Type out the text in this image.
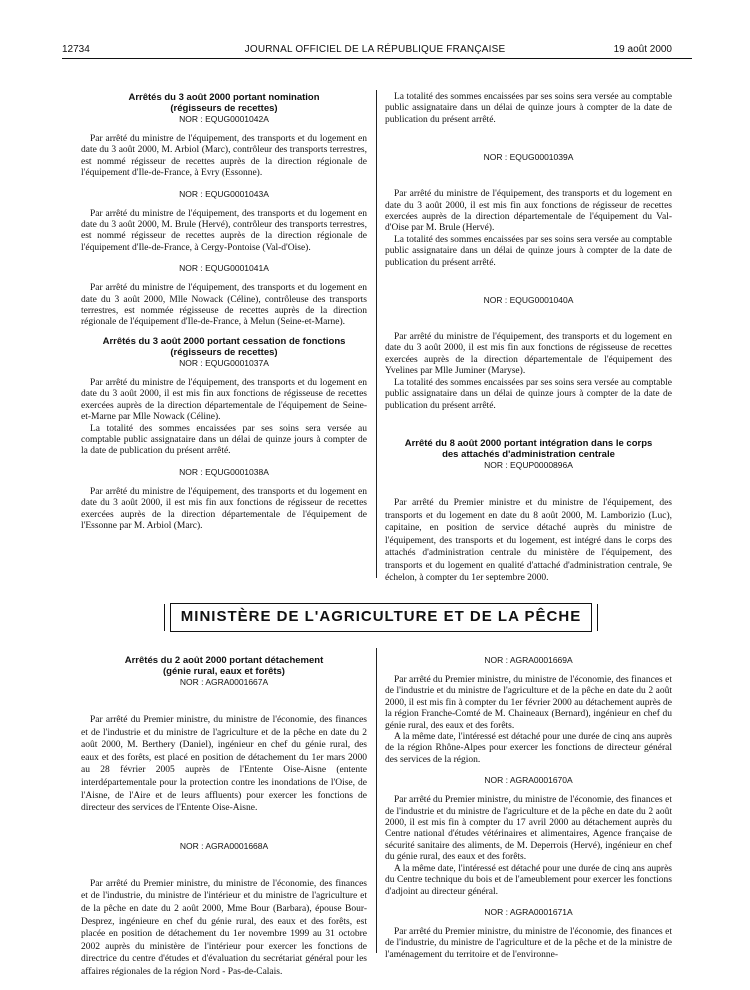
12734	JOURNAL OFFICIEL DE LA RÉPUBLIQUE FRANÇAISE	19 août 2000
Arrêtés du 3 août 2000 portant nomination
(régisseurs de recettes)
NOR : EQUG0001042A

Par arrêté du ministre de l'équipement, des transports et du logement en date du 3 août 2000, M. Arbiol (Marc), contrôleur des transports terrestres, est nommé régisseur de recettes auprès de la direction régionale de l'équipement d'Ile-de-France, à Evry (Essonne).

NOR : EQUG0001043A

Par arrêté du ministre de l'équipement, des transports et du logement en date du 3 août 2000, M. Brule (Hervé), contrôleur des transports terrestres, est nommé régisseur de recettes auprès de la direction régionale de l'équipement d'Ile-de-France, à Cergy-Pontoise (Val-d'Oise).

NOR : EQUG0001041A

Par arrêté du ministre de l'équipement, des transports et du logement en date du 3 août 2000, Mlle Nowack (Céline), contrôleuse des transports terrestres, est nommée régisseuse de recettes auprès de la direction régionale de l'équipement d'Ile-de-France, à Melun (Seine-et-Marne).

Arrêtés du 3 août 2000 portant cessation de fonctions
(régisseurs de recettes)
NOR : EQUG0001037A

Par arrêté du ministre de l'équipement, des transports et du logement en date du 3 août 2000, il est mis fin aux fonctions de régisseuse de recettes exercées auprès de la direction départementale de l'équipement de Seine-et-Marne par Mlle Nowack (Céline).

La totalité des sommes encaissées par ses soins sera versée au comptable public assignataire dans un délai de quinze jours à compter de la date de publication du présent arrêté.

NOR : EQUG0001038A

Par arrêté du ministre de l'équipement, des transports et du logement en date du 3 août 2000, il est mis fin aux fonctions de régisseur de recettes exercées auprès de la direction départementale de l'équipement de l'Essonne par M. Arbiol (Marc).

La totalité des sommes encaissées par ses soins sera versée au comptable public assignataire dans un délai de quinze jours à compter de la date de publication du présent arrêté.

NOR : EQUG0001039A

Par arrêté du ministre de l'équipement, des transports et du logement en date du 3 août 2000, il est mis fin aux fonctions de régisseur de recettes exercées auprès de la direction départementale de l'équipement du Val-d'Oise par M. Brule (Hervé).

La totalité des sommes encaissées par ses soins sera versée au comptable public assignataire dans un délai de quinze jours à compter de la date de publication du présent arrêté.

NOR : EQUG0001040A

Par arrêté du ministre de l'équipement, des transports et du logement en date du 3 août 2000, il est mis fin aux fonctions de régisseuse de recettes exercées auprès de la direction départementale de l'équipement des Yvelines par Mlle Juminer (Maryse).

La totalité des sommes encaissées par ses soins sera versée au comptable public assignataire dans un délai de quinze jours à compter de la date de publication du présent arrêté.

Arrêté du 8 août 2000 portant intégration dans le corps
des attachés d'administration centrale
NOR : EQUP0000896A

Par arrêté du Premier ministre et du ministre de l'équipement, des transports et du logement en date du 8 août 2000, M. Lamborizio (Luc), capitaine, en position de service détaché auprès du ministre de l'équipement, des transports et du logement, est intégré dans le corps des attachés d'administration centrale du ministère de l'équipement, des transports et du logement en qualité d'attaché d'administration centrale, 9e échelon, à compter du 1er septembre 2000.

MINISTÈRE DE L'AGRICULTURE ET DE LA PÊCHE
Arrêtés du 2 août 2000 portant détachement
(génie rural, eaux et forêts)
NOR : AGRA0001667A

Par arrêté du Premier ministre, du ministre de l'économie, des finances et de l'industrie et du ministre de l'agriculture et de la pêche en date du 2 août 2000, M. Berthery (Daniel), ingénieur en chef du génie rural, des eaux et des forêts, est placé en position de détachement du 1er mars 2000 au 28 février 2005 auprès de l'Entente Oise-Aisne (entente interdépartementale pour la protection contre les inondations de l'Oise, de l'Aisne, de l'Aire et de leurs affluents) pour exercer les fonctions de directeur des services de l'Entente Oise-Aisne.

NOR : AGRA0001668A

Par arrêté du Premier ministre, du ministre de l'économie, des finances et de l'industrie, du ministre de l'intérieur et du ministre de l'agriculture et de la pêche en date du 2 août 2000, Mme Bour (Barbara), épouse Bour-Desprez, ingénieure en chef du génie rural, des eaux et des forêts, est placée en position de détachement du 1er novembre 1999 au 31 octobre 2002 auprès du ministère de l'intérieur pour exercer les fonctions de directrice du centre d'études et d'évaluation du secrétariat général pour les affaires régionales de la région Nord - Pas-de-Calais.

NOR : AGRA0001669A

Par arrêté du Premier ministre, du ministre de l'économie, des finances et de l'industrie et du ministre de l'agriculture et de la pêche en date du 2 août 2000, il est mis fin à compter du 1er février 2000 au détachement auprès de la région Franche-Comté de M. Chaineaux (Bernard), ingénieur en chef du génie rural, des eaux et des forêts.

A la même date, l'intéressé est détaché pour une durée de cinq ans auprès de la région Rhône-Alpes pour exercer les fonctions de directeur général des services de la région.

NOR : AGRA0001670A

Par arrêté du Premier ministre, du ministre de l'économie, des finances et de l'industrie et du ministre de l'agriculture et de la pêche en date du 2 août 2000, il est mis fin à compter du 17 avril 2000 au détachement auprès du Centre national d'études vétérinaires et alimentaires, Agence française de sécurité sanitaire des aliments, de M. Deperrois (Hervé), ingénieur en chef du génie rural, des eaux et des forêts.

A la même date, l'intéressé est détaché pour une durée de cinq ans auprès du Centre technique du bois et de l'ameublement pour exercer les fonctions d'adjoint au directeur général.

NOR : AGRA0001671A

Par arrêté du Premier ministre, du ministre de l'économie, des finances et de l'industrie, du ministre de l'agriculture et de la pêche et de la ministre de l'aménagement du territoire et de l'environne-
